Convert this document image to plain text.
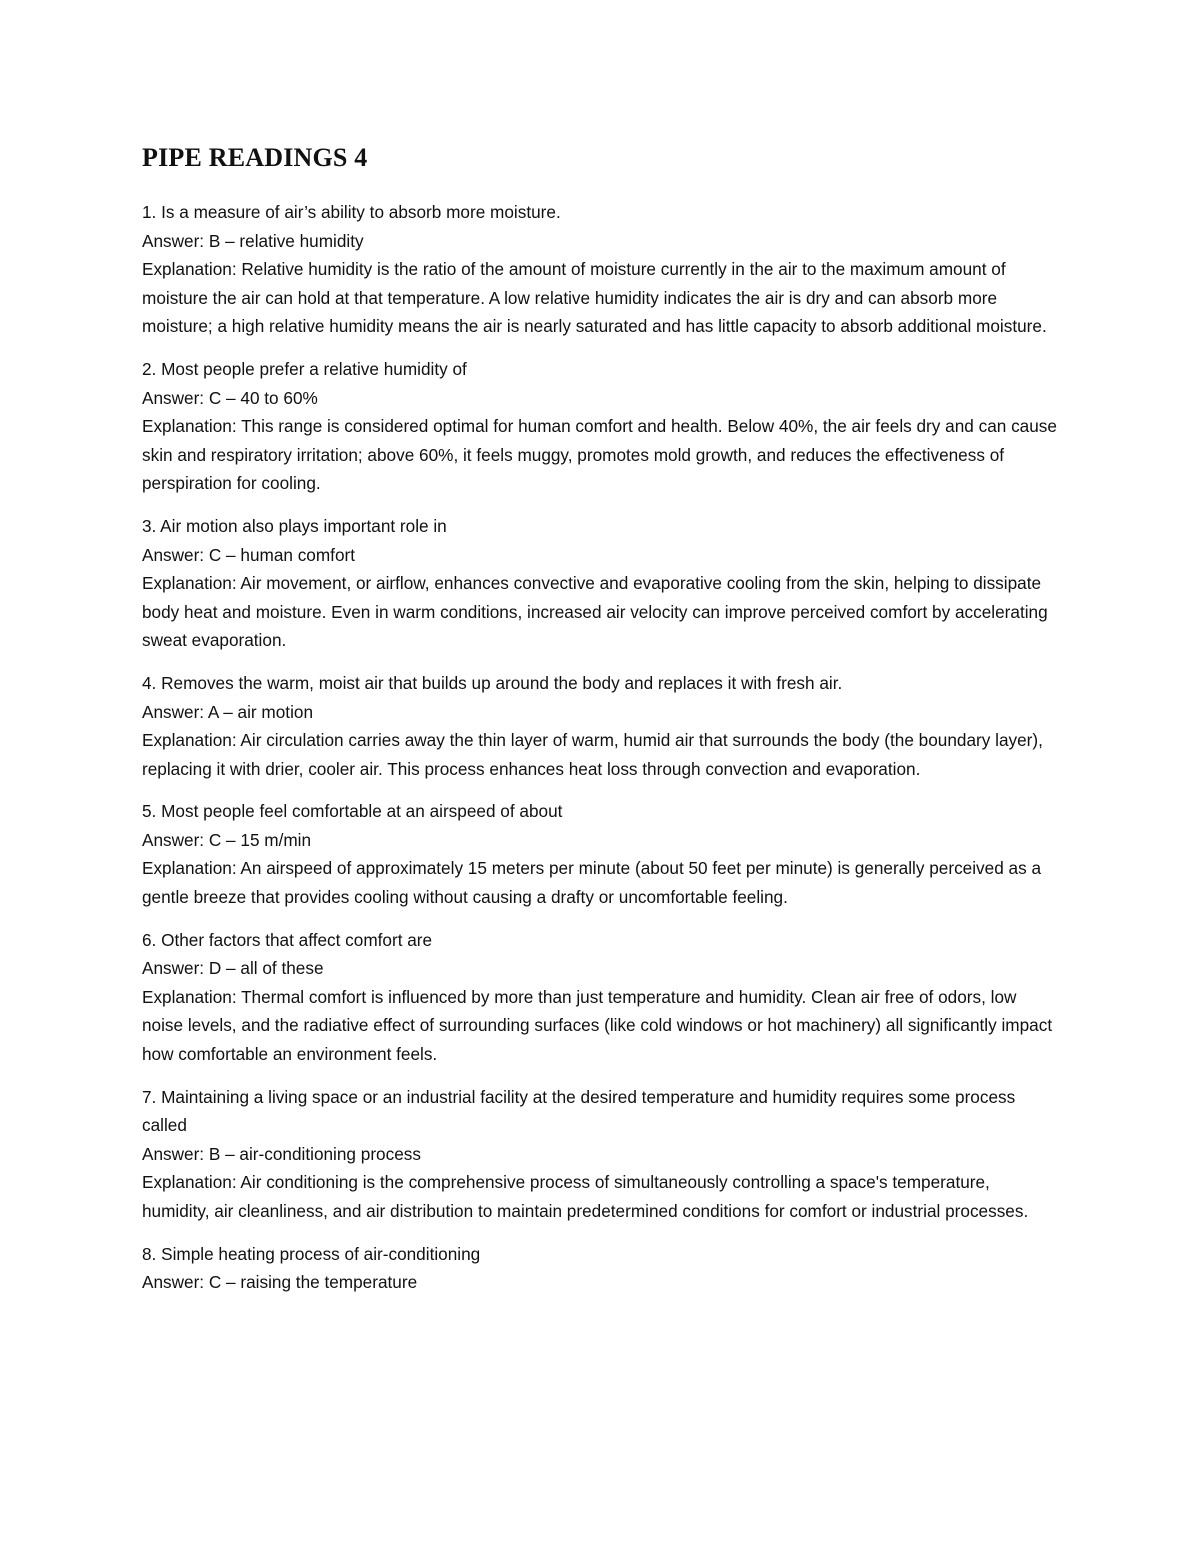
PIPE READINGS 4

1. Is a measure of air’s ability to absorb more moisture.

Answer: B – relative humidity

Explanation: Relative humidity is the ratio of the amount of moisture currently in the air to the maximum amount of moisture the air can hold at that temperature. A low relative humidity indicates the air is dry and can absorb more moisture; a high relative humidity means the air is nearly saturated and has little capacity to absorb additional moisture.

2. Most people prefer a relative humidity of

Answer: C – 40 to 60%

Explanation: This range is considered optimal for human comfort and health. Below 40%, the air feels dry and can cause skin and respiratory irritation; above 60%, it feels muggy, promotes mold growth, and reduces the effectiveness of perspiration for cooling.

3. Air motion also plays important role in

Answer: C – human comfort

Explanation: Air movement, or airflow, enhances convective and evaporative cooling from the skin, helping to dissipate body heat and moisture. Even in warm conditions, increased air velocity can improve perceived comfort by accelerating sweat evaporation.

4. Removes the warm, moist air that builds up around the body and replaces it with fresh air.

Answer: A – air motion

Explanation: Air circulation carries away the thin layer of warm, humid air that surrounds the body (the boundary layer), replacing it with drier, cooler air. This process enhances heat loss through convection and evaporation.

5. Most people feel comfortable at an airspeed of about

Answer: C – 15 m/min

Explanation: An airspeed of approximately 15 meters per minute (about 50 feet per minute) is generally perceived as a gentle breeze that provides cooling without causing a drafty or uncomfortable feeling.

6. Other factors that affect comfort are

Answer: D – all of these

Explanation: Thermal comfort is influenced by more than just temperature and humidity. Clean air free of odors, low noise levels, and the radiative effect of surrounding surfaces (like cold windows or hot machinery) all significantly impact how comfortable an environment feels.

7. Maintaining a living space or an industrial facility at the desired temperature and humidity requires some process called

Answer: B – air-conditioning process

Explanation: Air conditioning is the comprehensive process of simultaneously controlling a space's temperature, humidity, air cleanliness, and air distribution to maintain predetermined conditions for comfort or industrial processes.

8. Simple heating process of air-conditioning

Answer: C – raising the temperature
